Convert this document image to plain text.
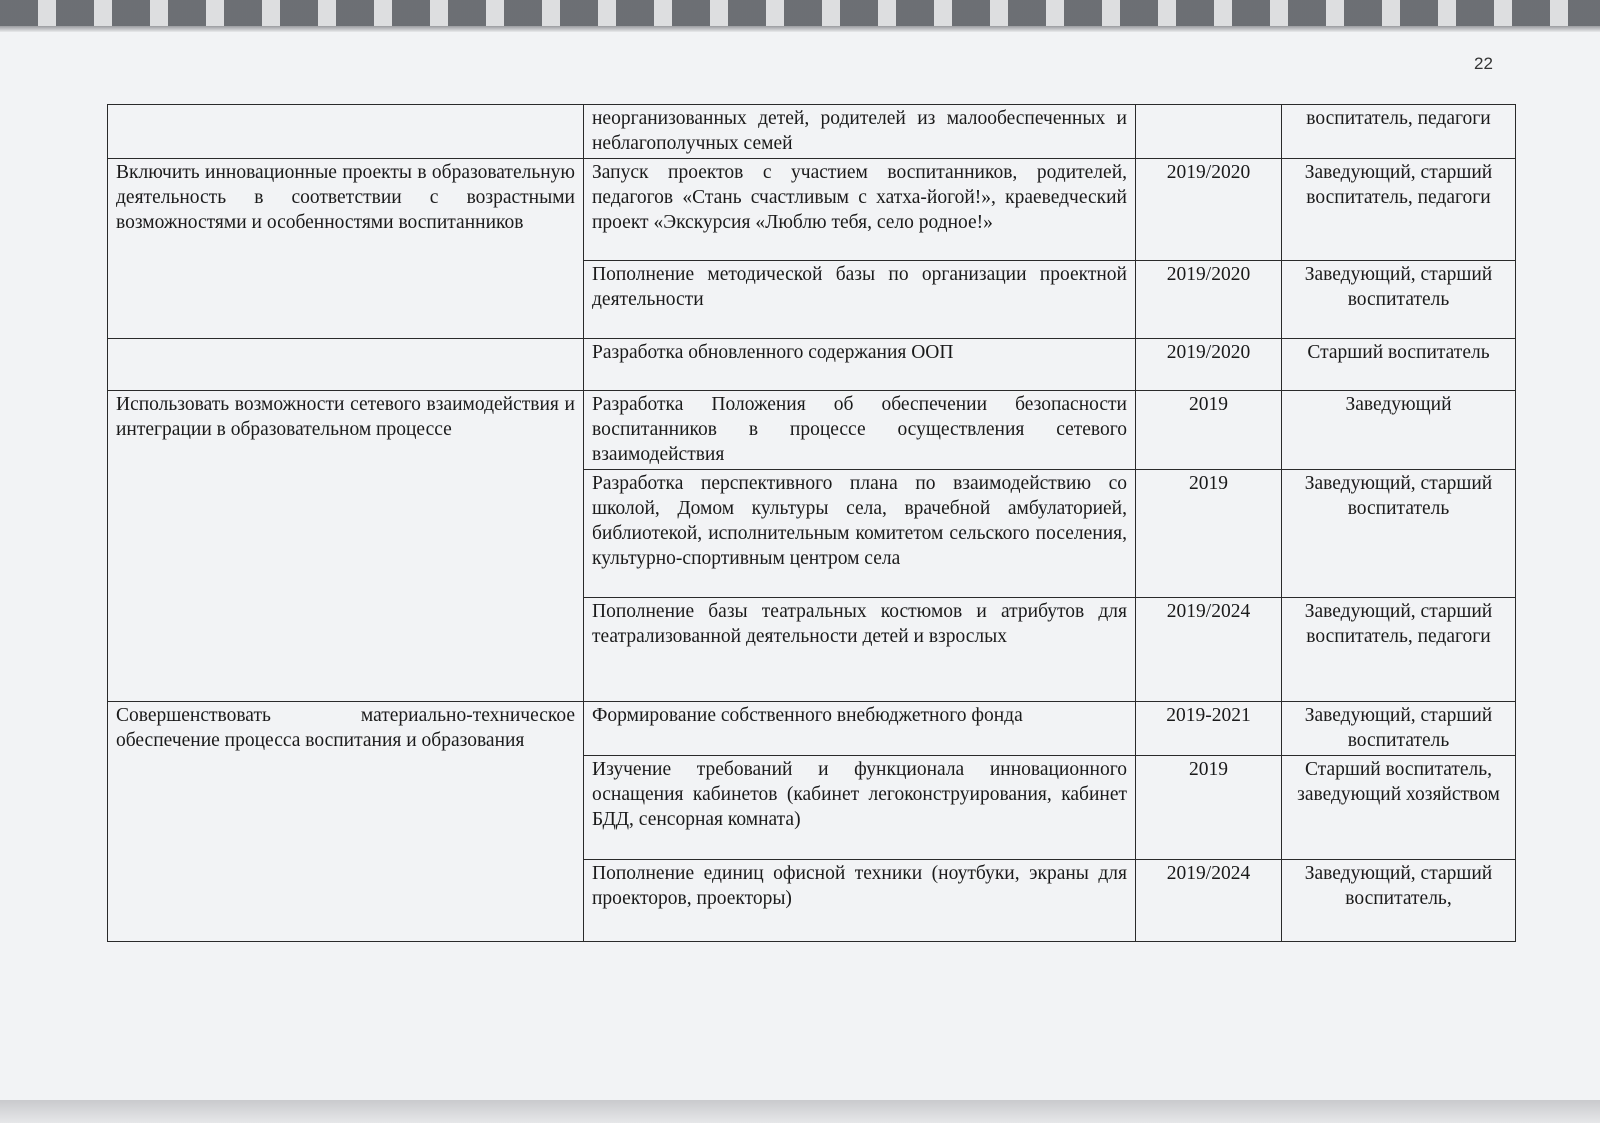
22
	неорганизованных детей, родителей из малообеспеченных и неблагополучных семей		воспитатель, педагоги
Включить инновационные проекты в образовательную деятельность в соответствии с возрастными возможностями и особенностями воспитанников	Запуск проектов с участием воспитанников, родителей, педагогов «Стань счастливым с хатха-йогой!», краеведческий проект «Экскурсия «Люблю тебя, село родное!»	2019/2020	Заведующий, старший воспитатель, педагоги
	Пополнение методической базы по организации проектной деятельности	2019/2020	Заведующий, старший воспитатель
	Разработка обновленного содержания ООП	2019/2020	Старший воспитатель
Использовать возможности сетевого взаимодействия и интеграции в образовательном процессе	Разработка Положения об обеспечении безопасности воспитанников в процессе осуществления сетевого взаимодействия	2019	Заведующий
	Разработка перспективного плана по взаимодействию со школой, Домом культуры села, врачебной амбулаторией, библиотекой, исполнительным комитетом сельского поселения, культурно-спортивным центром села	2019	Заведующий, старший воспитатель
	Пополнение базы театральных костюмов и атрибутов для театрализованной деятельности детей и взрослых	2019/2024	Заведующий, старший воспитатель, педагоги
Совершенствовать материально-техническое обеспечение процесса воспитания и образования	Формирование собственного внебюджетного фонда	2019-2021	Заведующий, старший воспитатель
	Изучение требований и функционала инновационного оснащения кабинетов (кабинет легоконструирования, кабинет БДД, сенсорная комната)	2019	Старший воспитатель, заведующий хозяйством
	Пополнение единиц офисной техники (ноутбуки, экраны для проекторов, проекторы)	2019/2024	Заведующий, старший воспитатель,
